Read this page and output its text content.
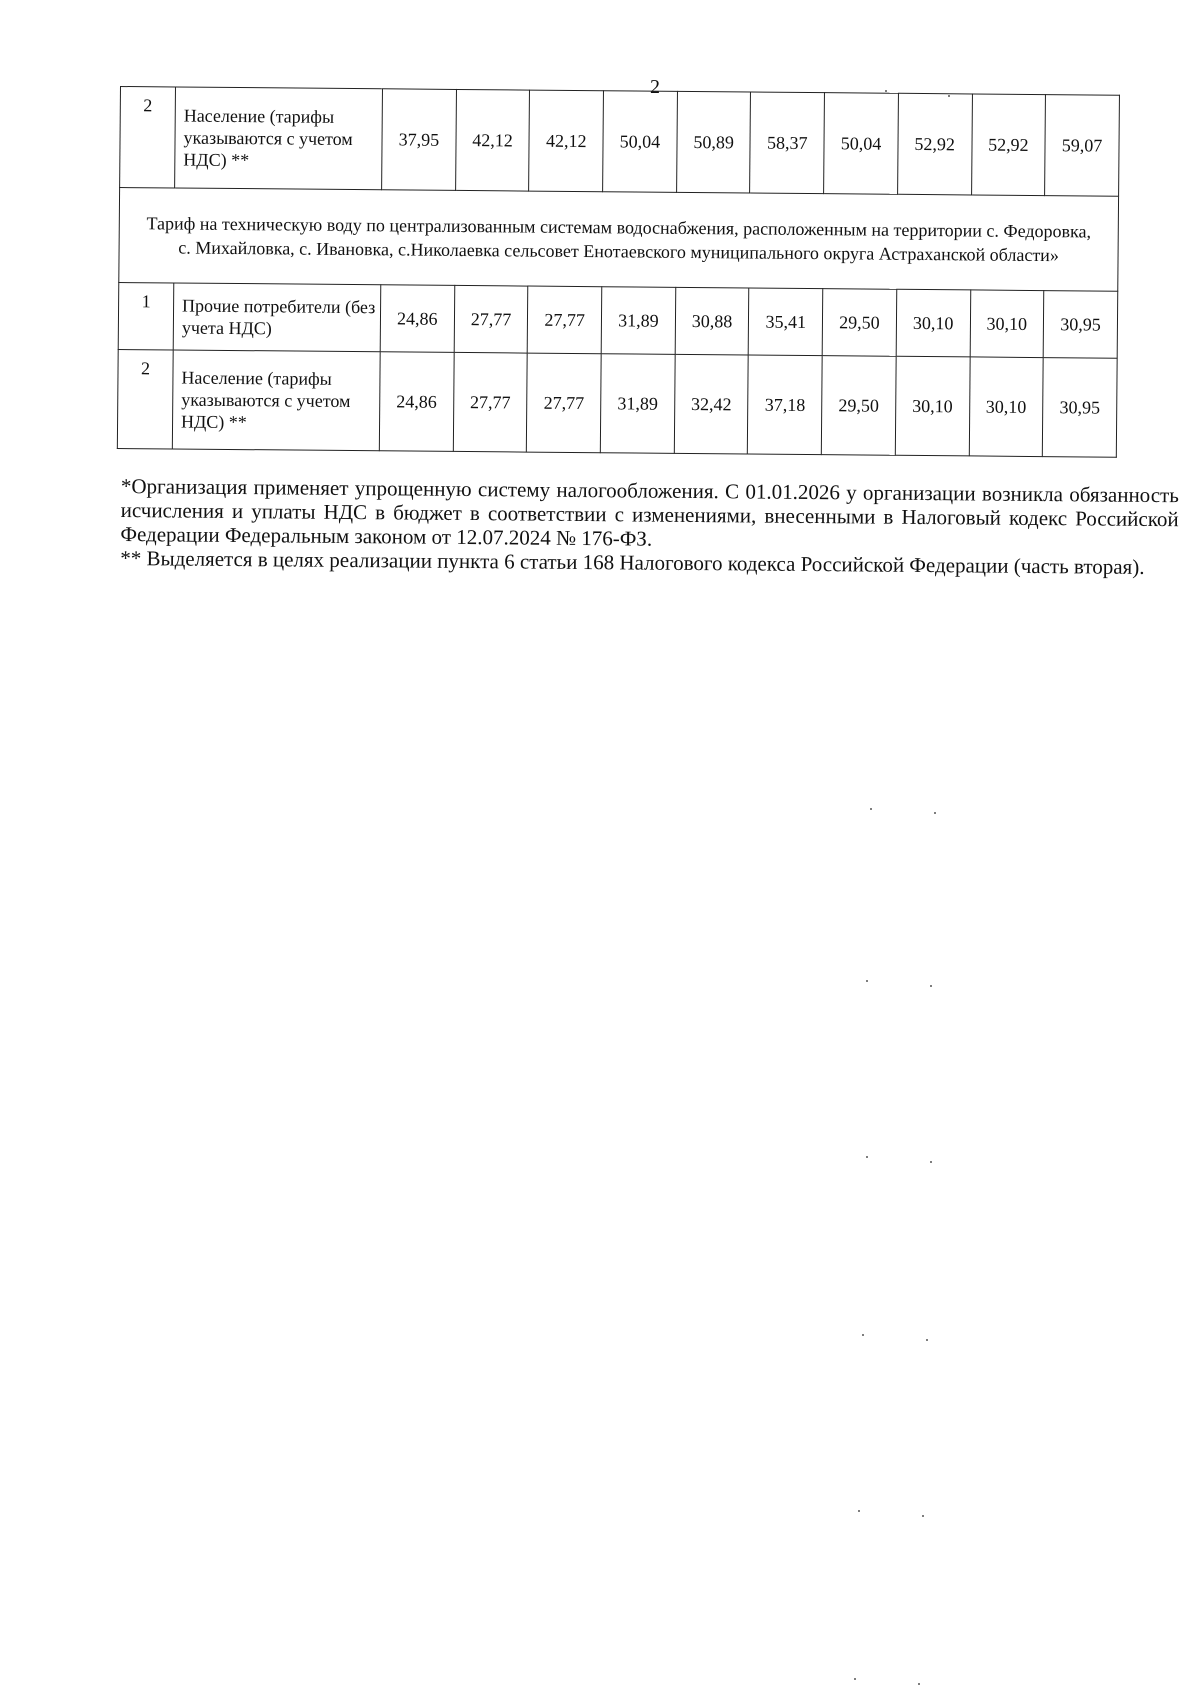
2
2	Население (тарифы указываются с учетом НДС) **	37,95	42,12	42,12	50,04	50,89	58,37	50,04	52,92	52,92	59,07
Тариф на техническую воду по централизованным системам водоснабжения, расположенным на территории с. Федоровка, с. Михайловка, с. Ивановка, с.Николаевка сельсовет Енотаевского муниципального округа Астраханской области»											
1	Прочие потребители (без учета НДС)	24,86	27,77	27,77	31,89	30,88	35,41	29,50	30,10	30,10	30,95
2	Население (тарифы указываются с учетом НДС) **	24,86	27,77	27,77	31,89	32,42	37,18	29,50	30,10	30,10	30,95

*Организация применяет упрощенную систему налогообложения. С 01.01.2026 у организации возникла обязанность исчисления и уплаты НДС в бюджет в соответствии с изменениями, внесенными в Налоговый кодекс Российской Федерации Федеральным законом от 12.07.2024 № 176-ФЗ.

** Выделяется в целях реализации пункта 6 статьи 168 Налогового кодекса Российской Федерации (часть вторая).
